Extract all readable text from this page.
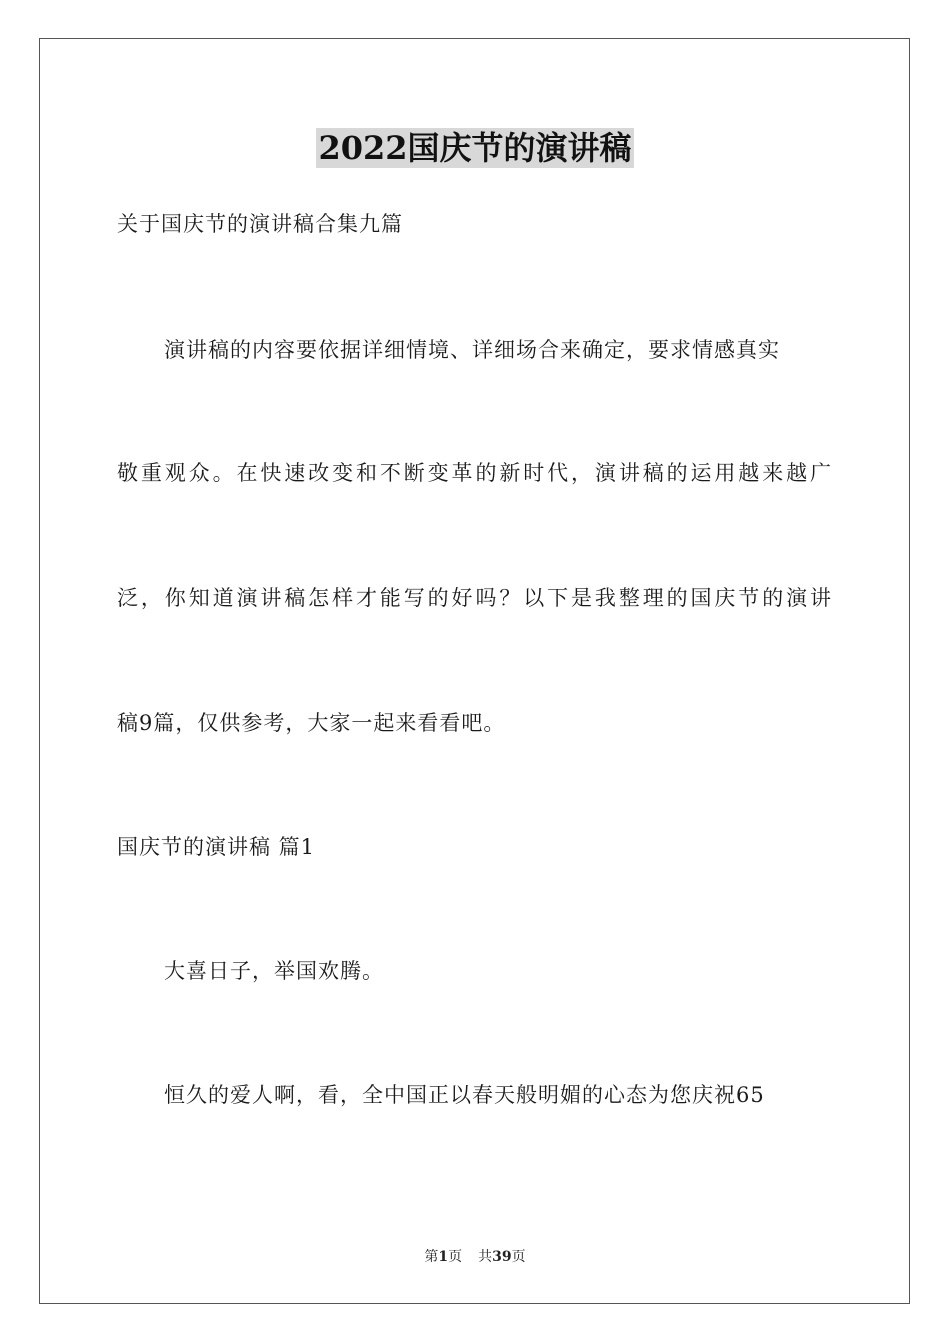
2022国庆节的演讲稿
关于国庆节的演讲稿合集九篇
演讲稿的内容要依据详细情境、详细场合来确定，要求情感真实
敬重观众。在快速改变和不断变革的新时代，演讲稿的运用越来越广
泛，你知道演讲稿怎样才能写的好吗？以下是我整理的国庆节的演讲
稿9篇，仅供参考，大家一起来看看吧。
国庆节的演讲稿 篇1
大喜日子，举国欢腾。
恒久的爱人啊，看，全中国正以春天般明媚的心态为您庆祝65
第1页 共39页
